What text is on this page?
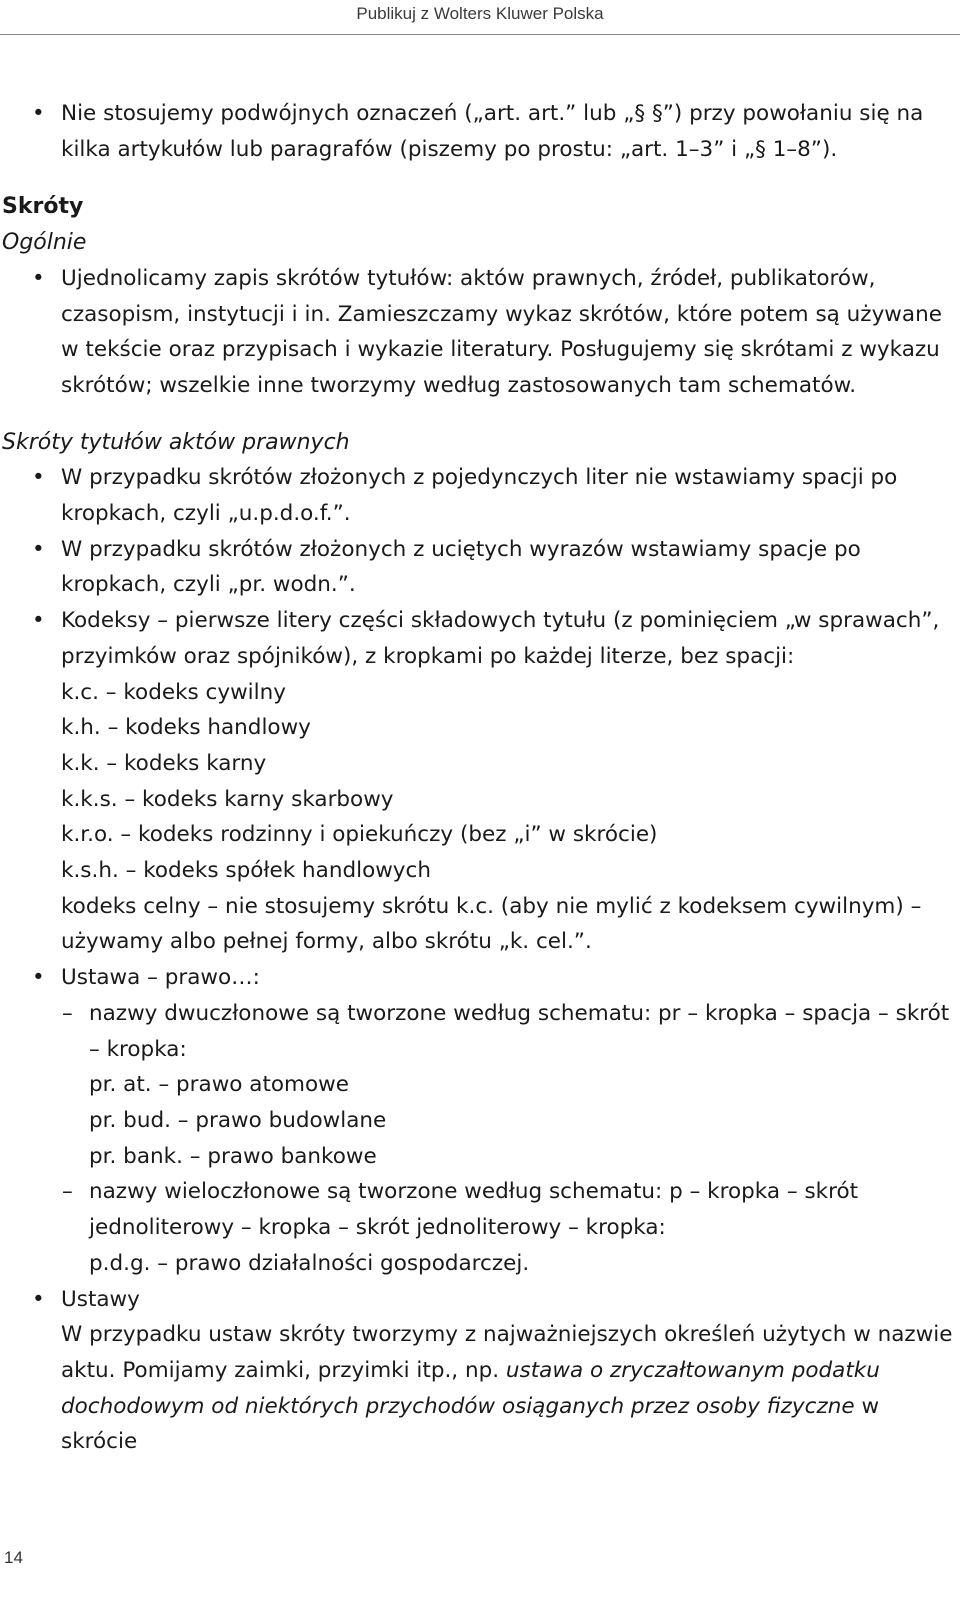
Publikuj z Wolters Kluwer Polska
• Nie stosujemy podwójnych oznaczeń („art. art.” lub „§ §”) przy powołaniu się na kilka artykułów lub paragrafów (piszemy po prostu: „art. 1–3” i „§ 1–8”).
Skróty
Ogólnie
• Ujednolicamy zapis skrótów tytułów: aktów prawnych, źródeł, publikatorów, czasopism, instytucji i in. Zamieszczamy wykaz skrótów, które potem są używane w tekście oraz przypisach i wykazie literatury. Posługujemy się skrótami z wykazu skrótów; wszelkie inne tworzymy według zastosowanych tam schematów.
Skróty tytułów aktów prawnych
• W przypadku skrótów złożonych z pojedynczych liter nie wstawiamy spacji po kropkach, czyli „u.p.d.o.f.”.
• W przypadku skrótów złożonych z uciętych wyrazów wstawiamy spacje po kropkach, czyli „pr. wodn.”.
• Kodeksy – pierwsze litery części składowych tytułu (z pominięciem „w sprawach”, przyimków oraz spójników), z kropkami po każdej literze, bez spacji:
k.c. – kodeks cywilny
k.h. – kodeks handlowy
k.k. – kodeks karny
k.k.s. – kodeks karny skarbowy
k.r.o. – kodeks rodzinny i opiekuńczy (bez „i” w skrócie)
k.s.h. – kodeks spółek handlowych
kodeks celny – nie stosujemy skrótu k.c. (aby nie mylić z kodeksem cywilnym) – używamy albo pełnej formy, albo skrótu „k. cel.”.
• Ustawa – prawo…:
– nazwy dwuczłonowe są tworzone według schematu: pr – kropka – spacja – skrót – kropka:
pr. at. – prawo atomowe
pr. bud. – prawo budowlane
pr. bank. – prawo bankowe
– nazwy wieloczłonowe są tworzone według schematu: p – kropka – skrót jednoliterowy – kropka – skrót jednoliterowy – kropka:
p.d.g. – prawo działalności gospodarczej.
• Ustawy
W przypadku ustaw skróty tworzymy z najważniejszych określeń użytych w nazwie aktu. Pomijamy zaimki, przyimki itp., np. ustawa o zryczałtowanym podatku dochodowym od niektórych przychodów osiąganych przez osoby fizyczne w skrócie
14
